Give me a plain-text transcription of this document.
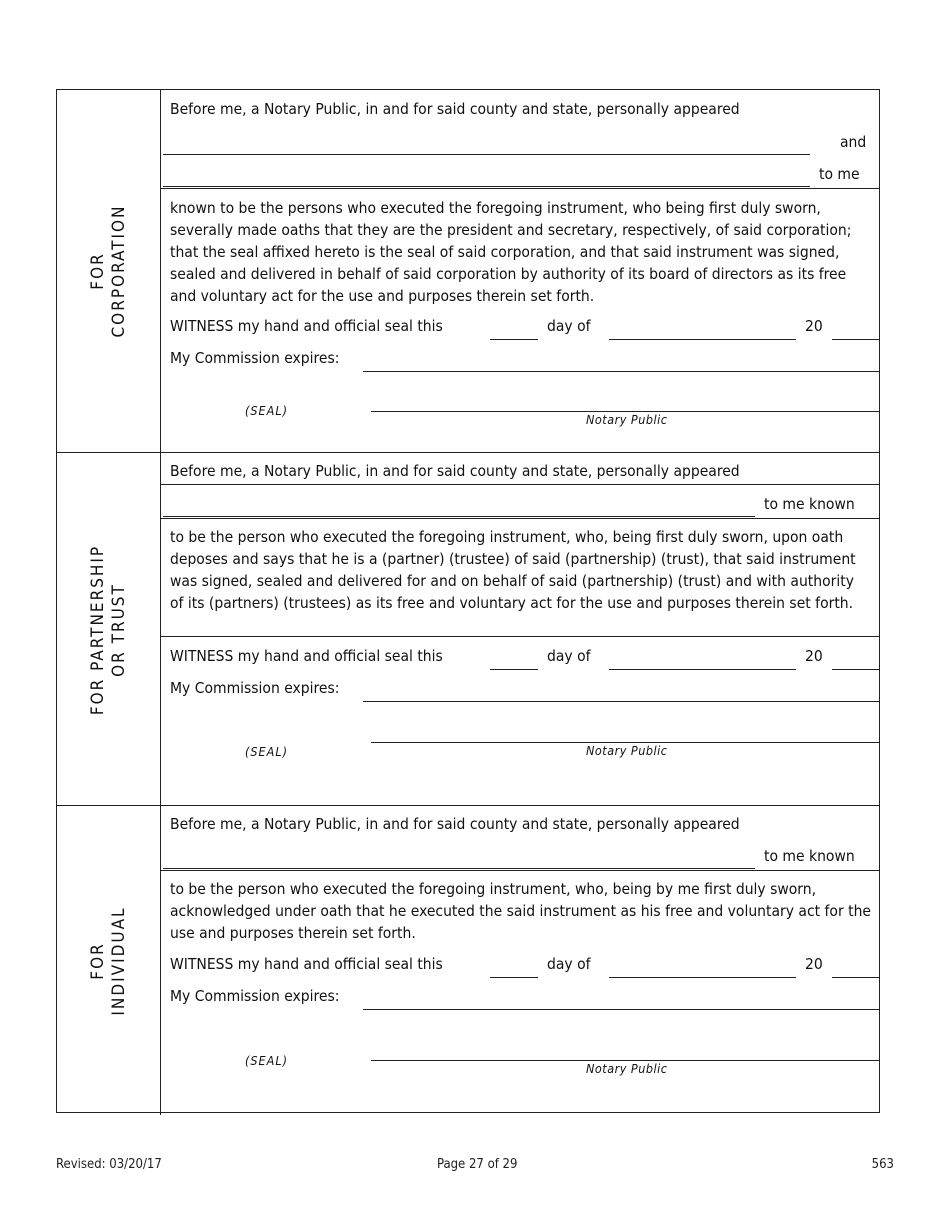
FOR CORPORATION
Before me, a Notary Public, in and for said county and state, personally appeared
and
to me
known to be the persons who executed the foregoing instrument, who being first duly sworn, severally made oaths that they are the president and secretary, respectively, of said corporation; that the seal affixed hereto is the seal of said corporation, and that said instrument was signed, sealed and delivered in behalf of said corporation by authority of its board of directors as its free and voluntary act for the use and purposes therein set forth.
WITNESS my hand and official seal this	day of	20
My Commission expires:
(SEAL)
Notary Public
FOR PARTNERSHIP OR TRUST
Before me, a Notary Public, in and for said county and state, personally appeared
to me known
to be the person who executed the foregoing instrument, who, being first duly sworn, upon oath deposes and says that he is a (partner) (trustee) of said (partnership) (trust), that said instrument was signed, sealed and delivered for and on behalf of said (partnership) (trust) and with authority of its (partners) (trustees) as its free and voluntary act for the use and purposes therein set forth.
WITNESS my hand and official seal this	day of	20
My Commission expires:
(SEAL)	Notary Public
FOR INDIVIDUAL
Before me, a Notary Public, in and for said county and state, personally appeared
to me known
to be the person who executed the foregoing instrument, who, being by me first duly sworn, acknowledged under oath that he executed the said instrument as his free and voluntary act for the use and purposes therein set forth.
WITNESS my hand and official seal this	day of	20
My Commission expires:
(SEAL)
Notary Public
Revised: 03/20/17	Page 27 of 29	563
